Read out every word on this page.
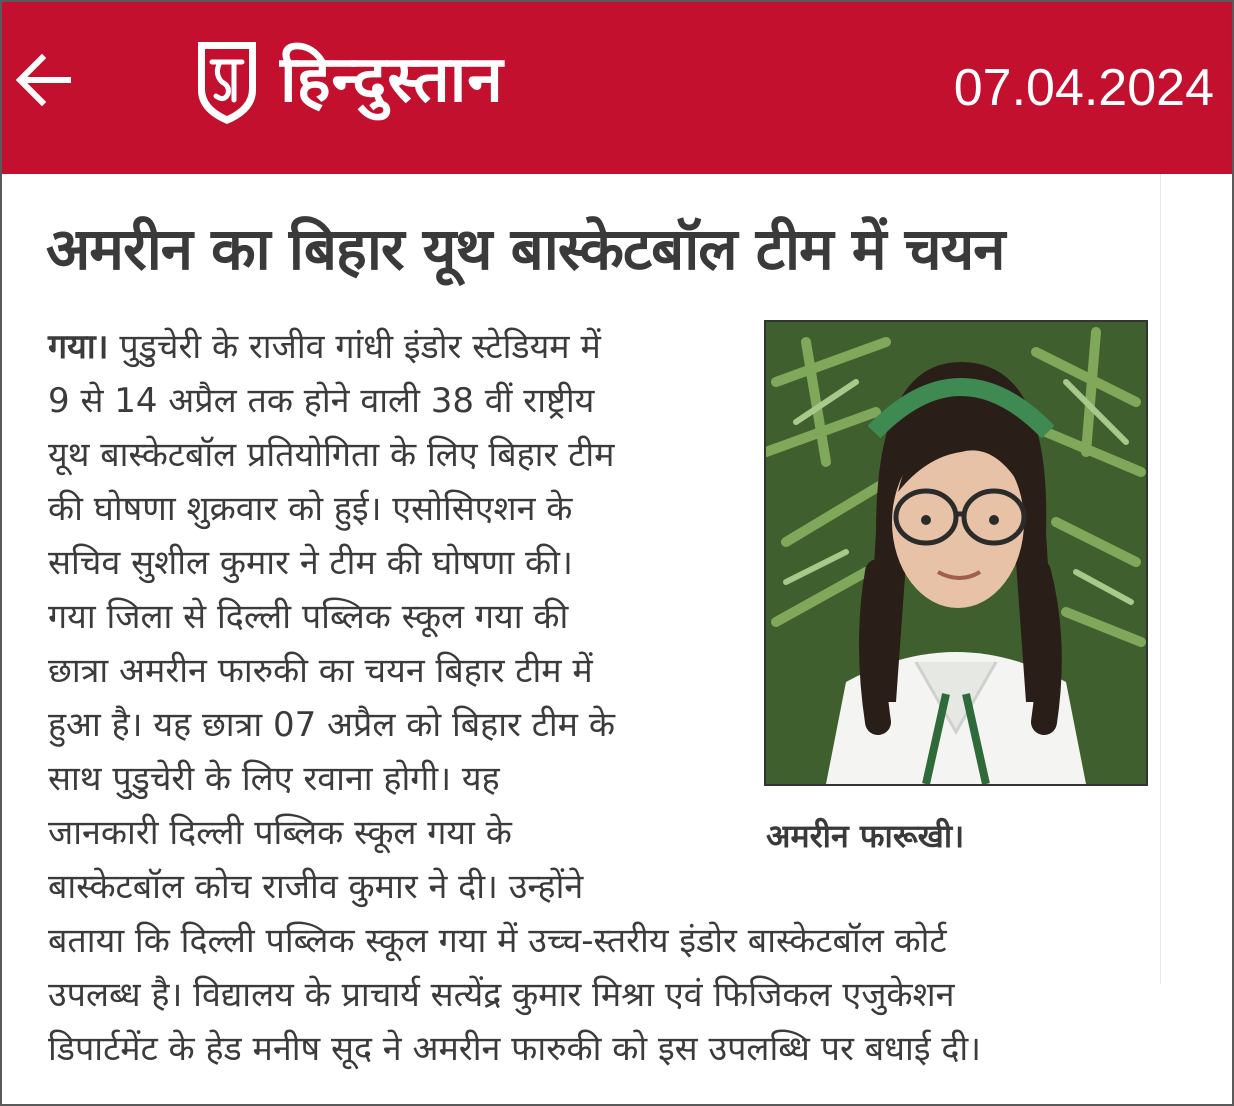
हिन्दुस्तान	07.04.2024
अमरीन का बिहार यूथ बास्केटबॉल टीम में चयन
गया। पुडुचेरी के राजीव गांधी इंडोर स्टेडियम में
9 से 14 अप्रैल तक होने वाली 38 वीं राष्ट्रीय
यूथ बास्केटबॉल प्रतियोगिता के लिए बिहार टीम
की घोषणा शुक्रवार को हुई। एसोसिएशन के
सचिव सुशील कुमार ने टीम की घोषणा की।
गया जिला से दिल्ली पब्लिक स्कूल गया की
छात्रा अमरीन फारुकी का चयन बिहार टीम में
हुआ है। यह छात्रा 07 अप्रैल को बिहार टीम के
साथ पुडुचेरी के लिए रवाना होगी। यह
जानकारी दिल्ली पब्लिक स्कूल गया के
बास्केटबॉल कोच राजीव कुमार ने दी। उन्होंने
बताया कि दिल्ली पब्लिक स्कूल गया में उच्च-स्तरीय इंडोर बास्केटबॉल कोर्ट
उपलब्ध है। विद्यालय के प्राचार्य सत्येंद्र कुमार मिश्रा एवं फिजिकल एजुकेशन
डिपार्टमेंट के हेड मनीष सूद ने अमरीन फारुकी को इस उपलब्धि पर बधाई दी।
अमरीन फारूखी।
